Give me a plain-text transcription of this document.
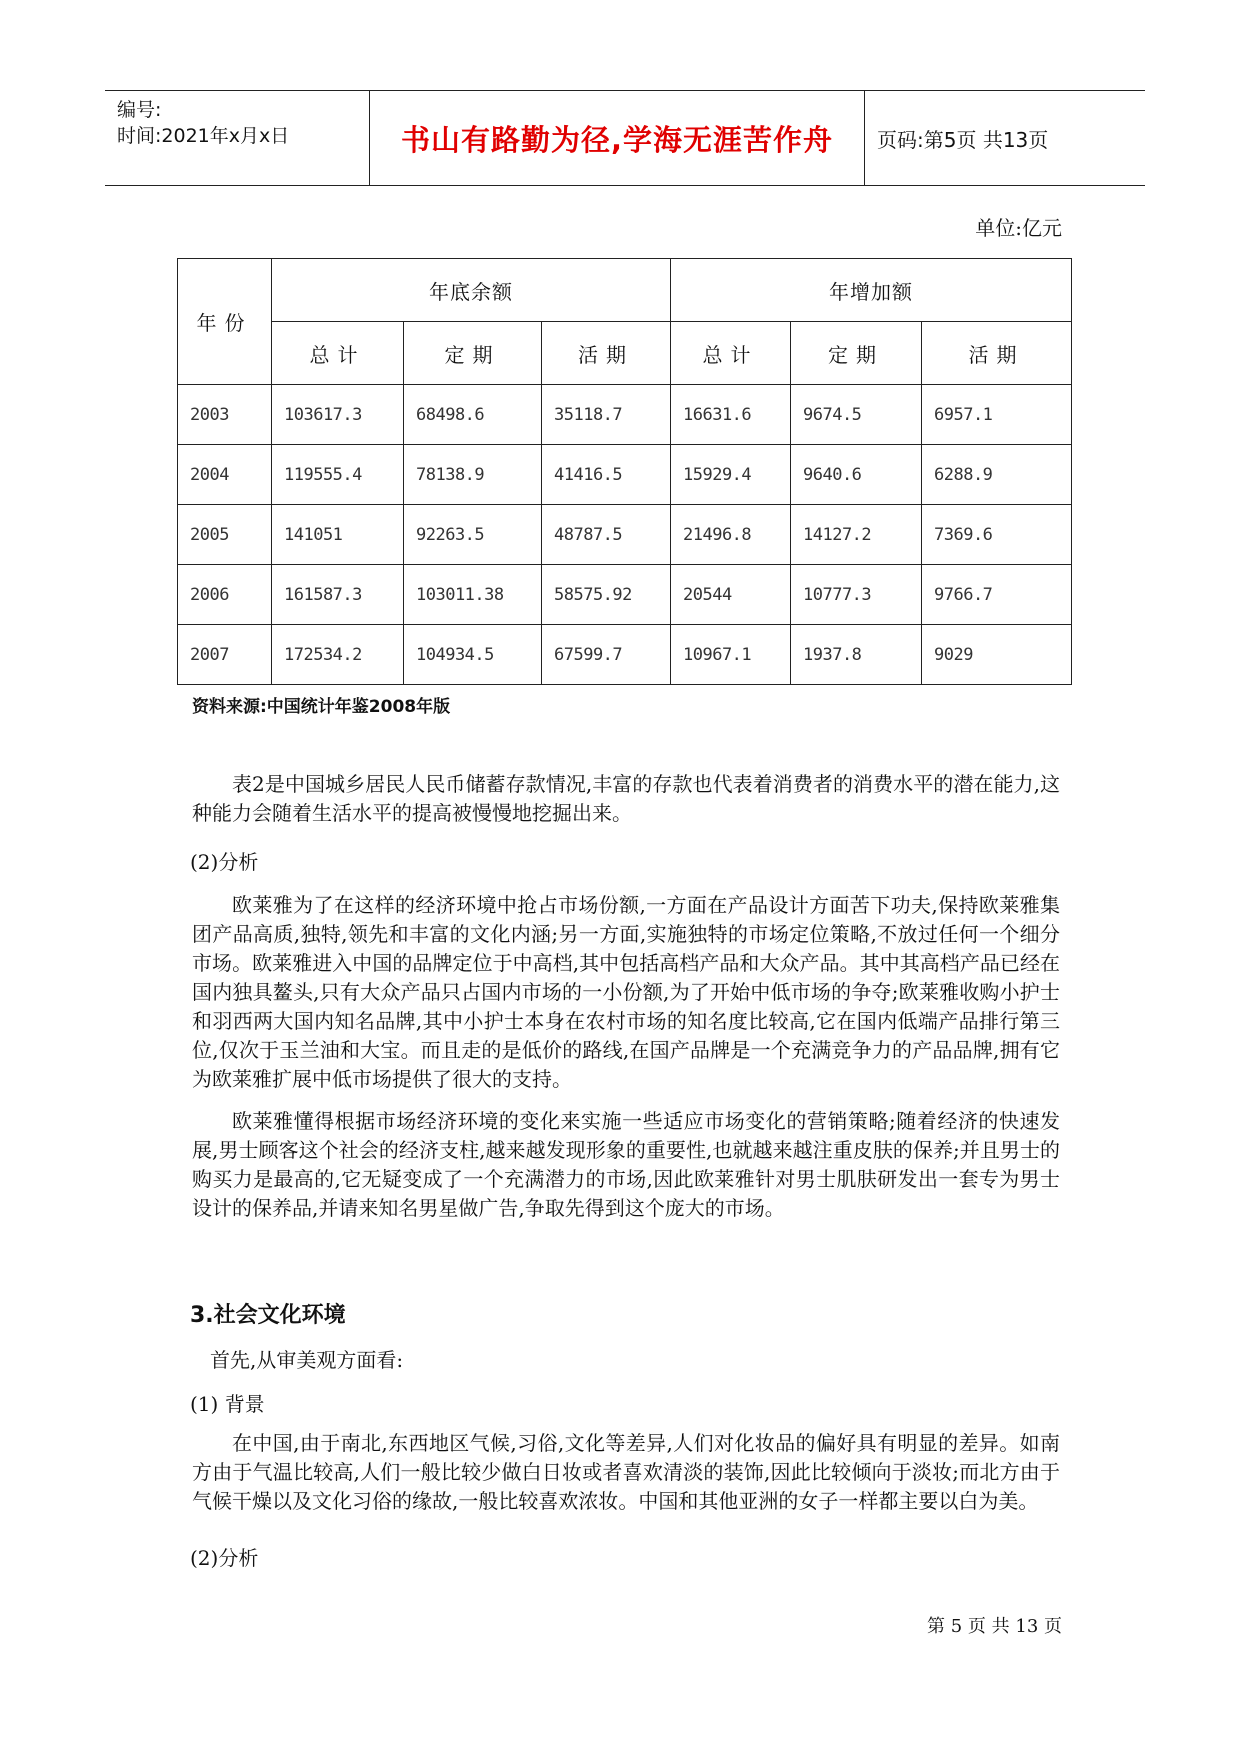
编号:
时间:2021年x月x日	书山有路勤为径,学海无涯苦作舟	页码:第5页 共13页
单位:亿元
年份	年底余额			年增加额		
	总计	定期	活期	总计	定期	活期
2003	103617.3	68498.6	35118.7	16631.6	9674.5	6957.1
2004	119555.4	78138.9	41416.5	15929.4	9640.6	6288.9
2005	141051	92263.5	48787.5	21496.8	14127.2	7369.6
2006	161587.3	103011.38	58575.92	20544	10777.3	9766.7
2007	172534.2	104934.5	67599.7	10967.1	1937.8	9029
资料来源:中国统计年鉴2008年版

表2是中国城乡居民人民币储蓄存款情况,丰富的存款也代表着消费者的消费水平的潜在能力,这种能力会随着生活水平的提高被慢慢地挖掘出来。

(2)分析

欧莱雅为了在这样的经济环境中抢占市场份额,一方面在产品设计方面苦下功夫,保持欧莱雅集团产品高质,独特,领先和丰富的文化内涵;另一方面,实施独特的市场定位策略,不放过任何一个细分市场。欧莱雅进入中国的品牌定位于中高档,其中包括高档产品和大众产品。其中其高档产品已经在国内独具鳌头,只有大众产品只占国内市场的一小份额,为了开始中低市场的争夺;欧莱雅收购小护士和羽西两大国内知名品牌,其中小护士本身在农村市场的知名度比较高,它在国内低端产品排行第三位,仅次于玉兰油和大宝。而且走的是低价的路线,在国产品牌是一个充满竞争力的产品品牌,拥有它为欧莱雅扩展中低市场提供了很大的支持。

欧莱雅懂得根据市场经济环境的变化来实施一些适应市场变化的营销策略;随着经济的快速发展,男士顾客这个社会的经济支柱,越来越发现形象的重要性,也就越来越注重皮肤的保养;并且男士的购买力是最高的,它无疑变成了一个充满潜力的市场,因此欧莱雅针对男士肌肤研发出一套专为男士设计的保养品,并请来知名男星做广告,争取先得到这个庞大的市场。

3.社会文化环境

首先,从审美观方面看:

(1) 背景

在中国,由于南北,东西地区气候,习俗,文化等差异,人们对化妆品的偏好具有明显的差异。如南方由于气温比较高,人们一般比较少做白日妆或者喜欢清淡的装饰,因此比较倾向于淡妆;而北方由于气候干燥以及文化习俗的缘故,一般比较喜欢浓妆。中国和其他亚洲的女子一样都主要以白为美。

(2)分析

第 5 页 共 13 页
